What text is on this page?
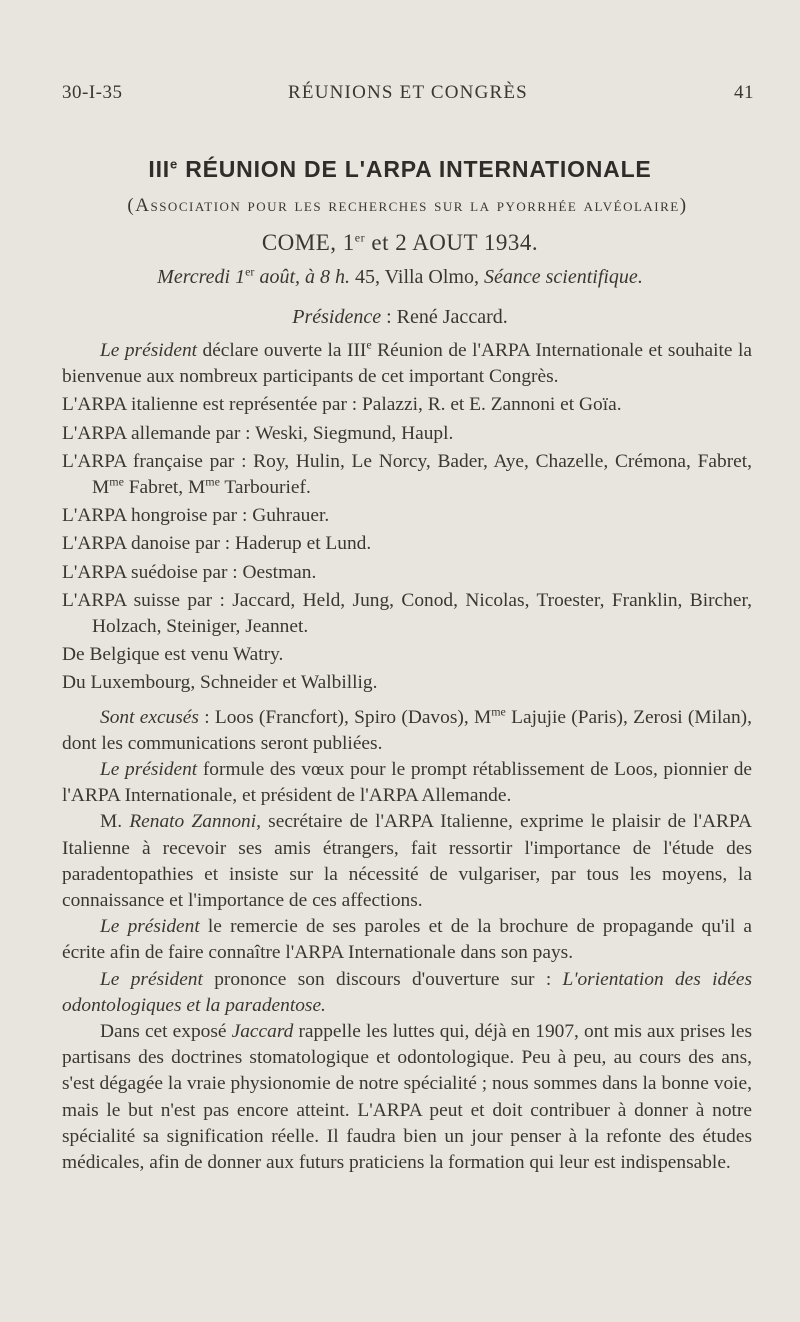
30-I-35	RÉUNIONS ET CONGRÈS	41
IIIe RÉUNION DE L'ARPA INTERNATIONALE
(Association pour les recherches sur la pyorrhée alvéolaire)
COME, 1er et 2 AOUT 1934.
Mercredi 1er août, à 8 h. 45, Villa Olmo, Séance scientifique.
Présidence : René Jaccard.

Le président déclare ouverte la IIIe Réunion de l'ARPA Internationale et souhaite la bienvenue aux nombreux participants de cet important Congrès.

L'ARPA italienne est représentée par : Palazzi, R. et E. Zannoni et Goïa.

L'ARPA allemande par : Weski, Siegmund, Haupl.

L'ARPA française par : Roy, Hulin, Le Norcy, Bader, Aye, Chazelle, Crémona, Fabret, $M^{me}$ Fabret, $M^{me}$ Tarbourief.

L'ARPA hongroise par : Guhrauer.

L'ARPA danoise par : Haderup et Lund.

L'ARPA suédoise par : Oestman.

L'ARPA suisse par : Jaccard, Held, Jung, Conod, Nicolas, Troester, Franklin, Bircher, Holzach, Steiniger, Jeannet.

De Belgique est venu Watry.

Du Luxembourg, Schneider et Walbillig.

Sont excusés : Loos (Francfort), Spiro (Davos), $M^{me}$ Lajujie (Paris), Zerosi (Milan), dont les communications seront publiées.

Le président formule des vœux pour le prompt rétablissement de Loos, pionnier de l'ARPA Internationale, et président de l'ARPA Allemande.

M. Renato Zannoni, secrétaire de l'ARPA Italienne, exprime le plaisir de l'ARPA Italienne à recevoir ses amis étrangers, fait ressortir l'importance de l'étude des paradentopathies et insiste sur la nécessité de vulgariser, par tous les moyens, la connaissance et l'importance de ces affections.

Le président le remercie de ses paroles et de la brochure de propagande qu'il a écrite afin de faire connaître l'ARPA Internationale dans son pays.

Le président prononce son discours d'ouverture sur : L'orientation des idées odontologiques et la paradentose.

Dans cet exposé Jaccard rappelle les luttes qui, déjà en 1907, ont mis aux prises les partisans des doctrines stomatologique et odontologique. Peu à peu, au cours des ans, s'est dégagée la vraie physionomie de notre spécialité ; nous sommes dans la bonne voie, mais le but n'est pas encore atteint. L'ARPA peut et doit contribuer à donner à notre spécialité sa signification réelle. Il faudra bien un jour penser à la refonte des études médicales, afin de donner aux futurs praticiens la formation qui leur est indispensable.
